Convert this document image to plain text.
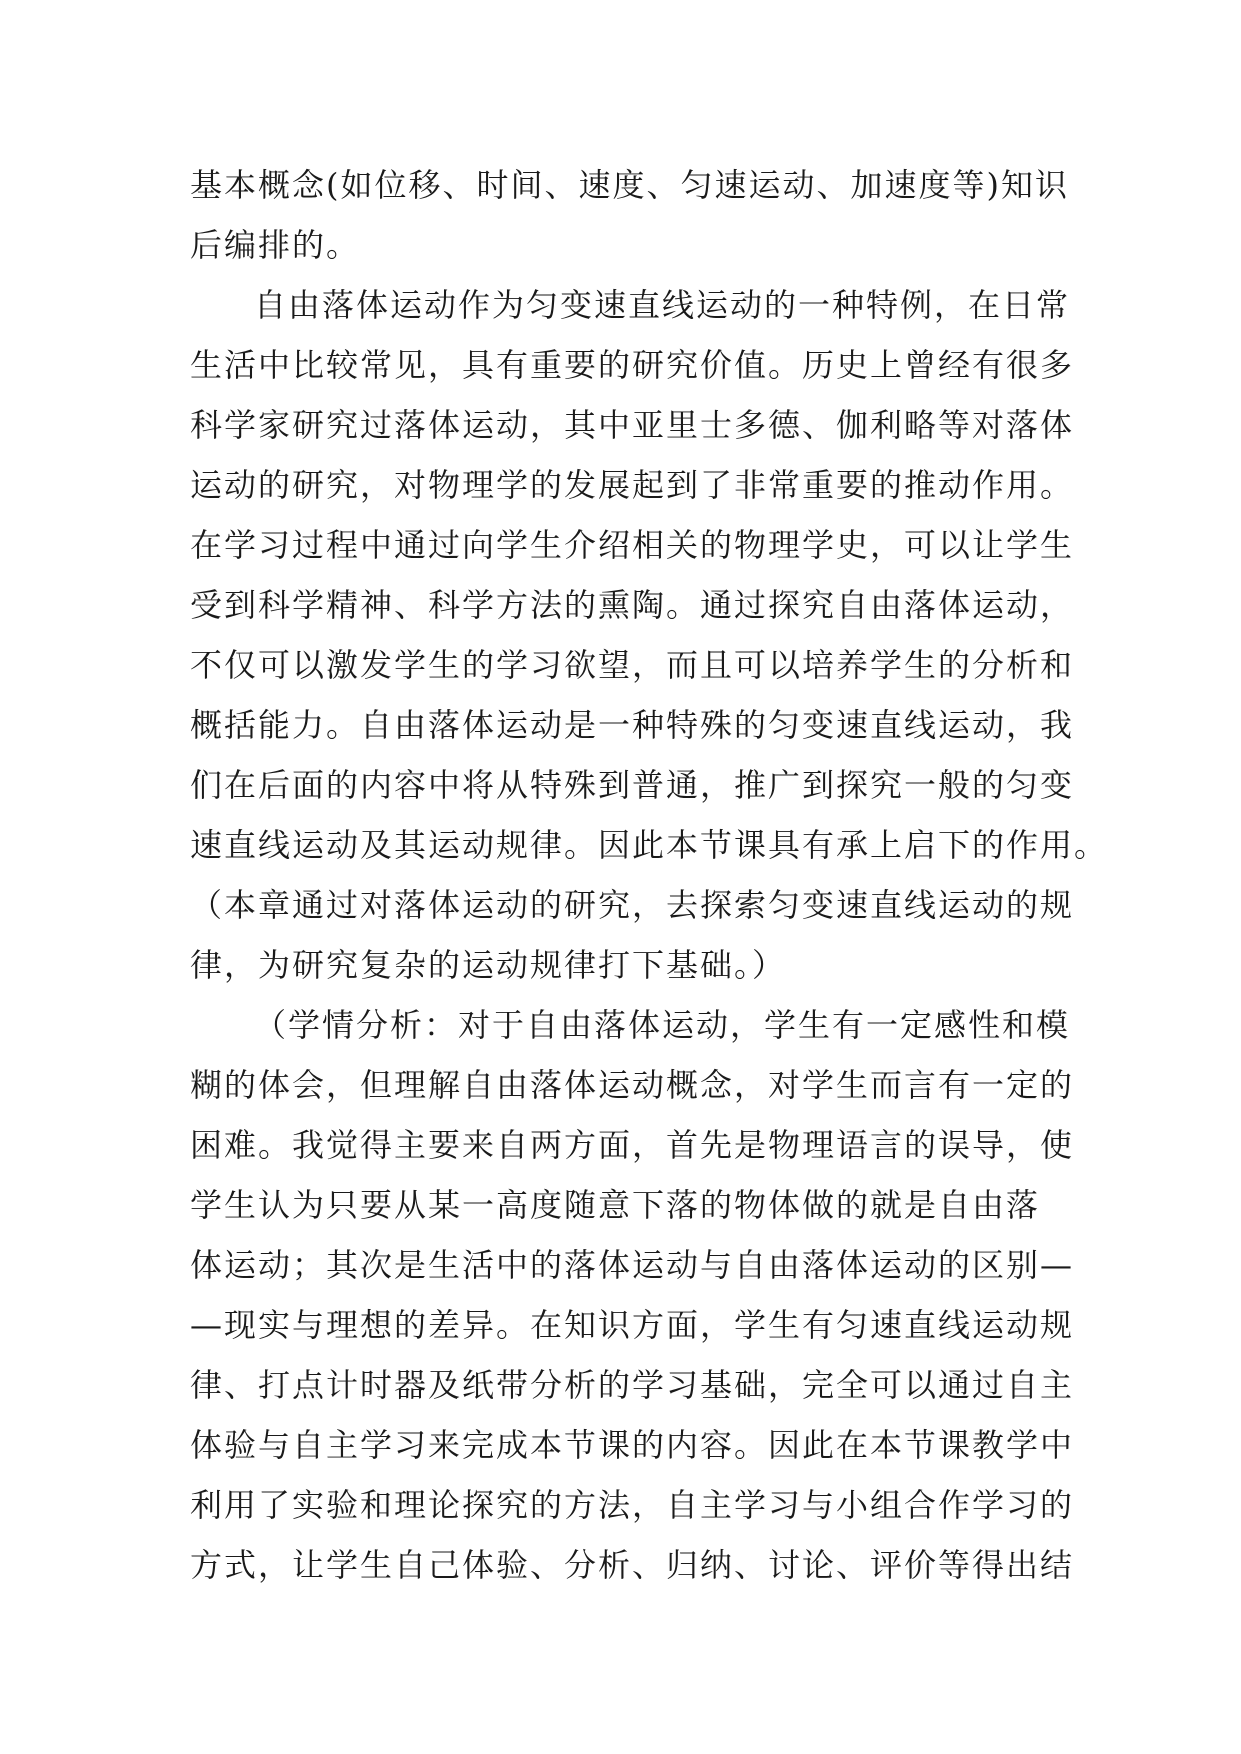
基本概念(如位移、时间、速度、匀速运动、加速度等)知识
后编排的。
自由落体运动作为匀变速直线运动的一种特例，在日常
生活中比较常见，具有重要的研究价值。历史上曾经有很多
科学家研究过落体运动，其中亚里士多德、伽利略等对落体
运动的研究，对物理学的发展起到了非常重要的推动作用。
在学习过程中通过向学生介绍相关的物理学史，可以让学生
受到科学精神、科学方法的熏陶。通过探究自由落体运动，
不仅可以激发学生的学习欲望，而且可以培养学生的分析和
概括能力。自由落体运动是一种特殊的匀变速直线运动，我
们在后面的内容中将从特殊到普通，推广到探究一般的匀变
速直线运动及其运动规律。因此本节课具有承上启下的作用。
（本章通过对落体运动的研究，去探索匀变速直线运动的规
律，为研究复杂的运动规律打下基础。）
（学情分析：对于自由落体运动，学生有一定感性和模
糊的体会，但理解自由落体运动概念，对学生而言有一定的
困难。我觉得主要来自两方面，首先是物理语言的误导，使
学生认为只要从某一高度随意下落的物体做的就是自由落
体运动；其次是生活中的落体运动与自由落体运动的区别—
—现实与理想的差异。在知识方面，学生有匀速直线运动规
律、打点计时器及纸带分析的学习基础，完全可以通过自主
体验与自主学习来完成本节课的内容。因此在本节课教学中
利用了实验和理论探究的方法，自主学习与小组合作学习的
方式，让学生自己体验、分析、归纳、讨论、评价等得出结
